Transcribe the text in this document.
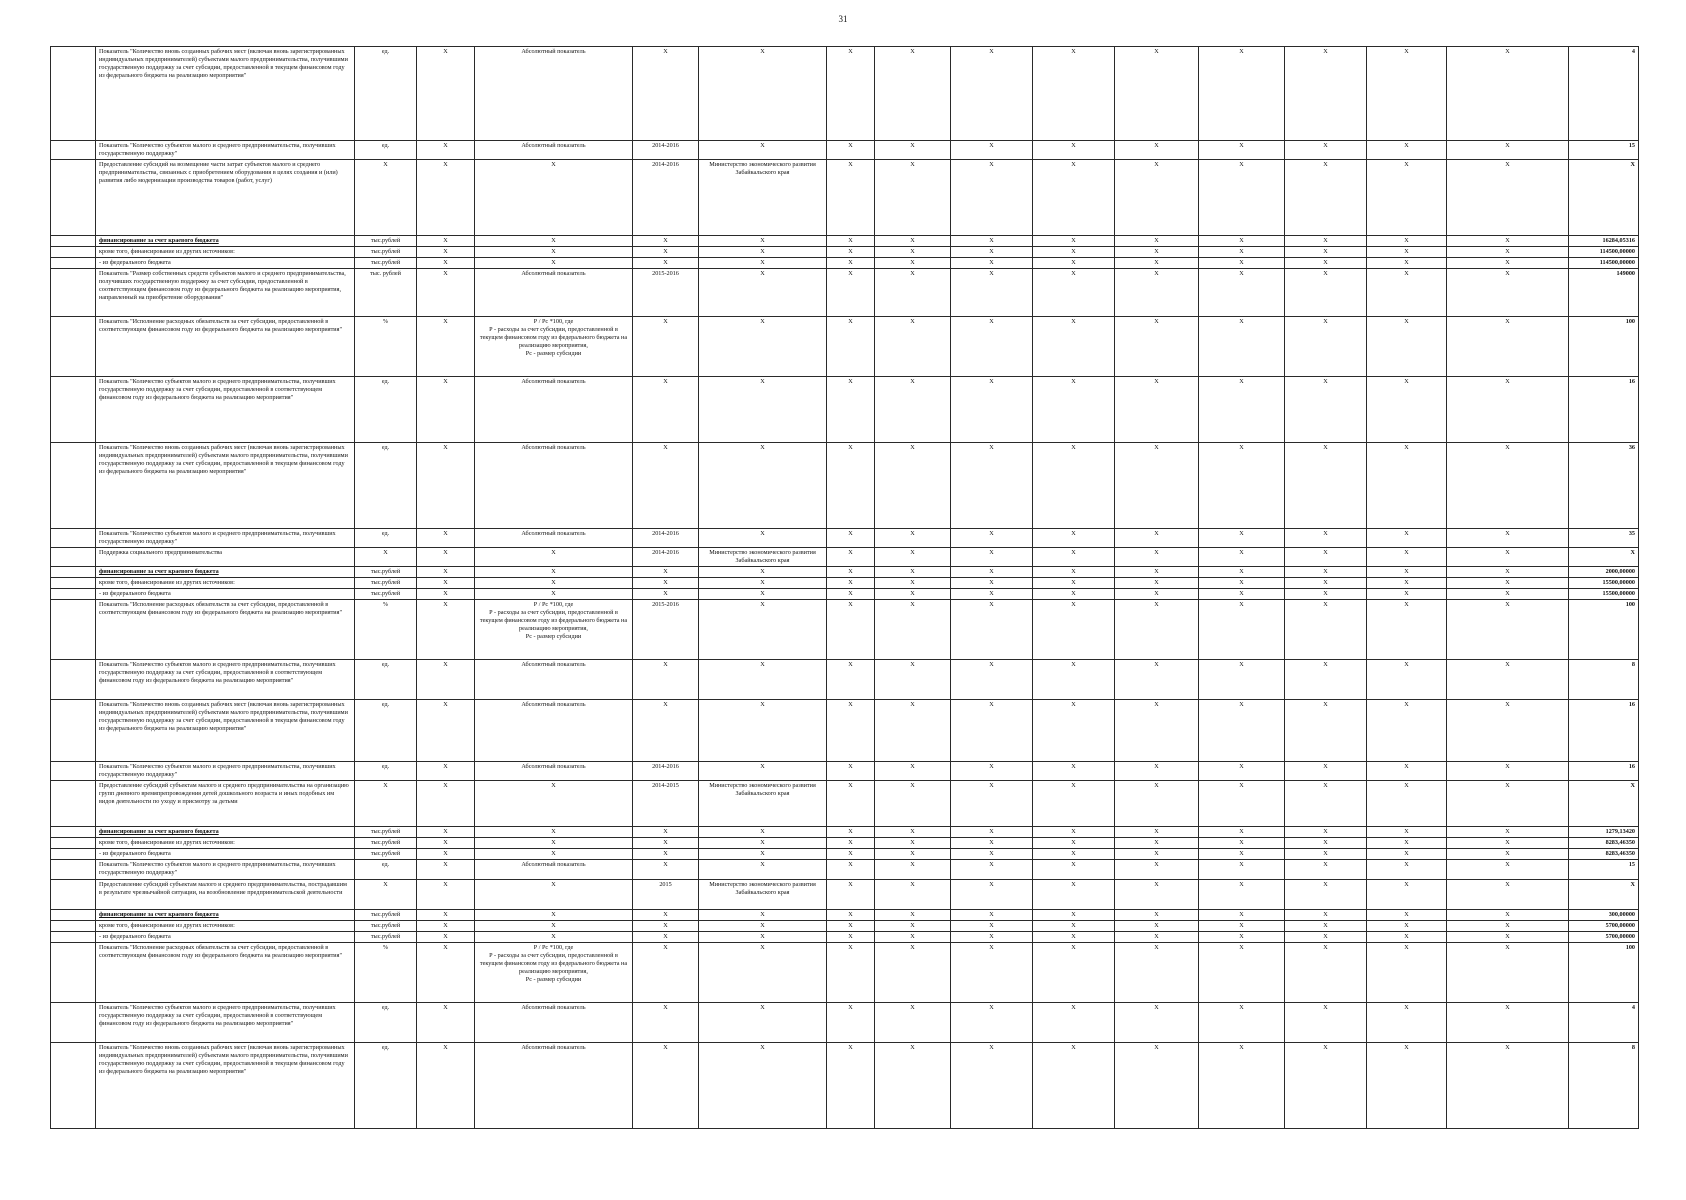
31
	Показатель "Количество вновь созданных рабочих мест (включая вновь зарегистрированных индивидуальных предпринимателей) субъектами малого предпринимательства, получившими государственную поддержку за счет субсидии, предоставленной в текущем финансовом году из федерального бюджета на реализацию мероприятия"	ед.	X	Абсолютный показатель	X	X	X	X	X	X	X	X	X	X	X	4
	Показатель "Количество субъектов малого и среднего предпринимательства, получивших государственную поддержку"	ед.	X	Абсолютный показатель	2014-2016	X	X	X	X	X	X	X	X	X	X	15
	Предоставление субсидий на возмещение части затрат субъектов малого и среднего предпринимательства, связанных с приобретением оборудования в целях создания и (или) развития либо модернизации производства товаров (работ, услуг)	X	X	X	2014-2016	Министерство экономического развития Забайкальского края	X	X	X	X	X	X	X	X	X	X
	финансирование за счет краевого бюджета	тыс.рублей	X	X	X	X	X	X	X	X	X	X	X	X	X	16284,05316
	кроме того, финансирование из других источников:	тыс.рублей	X	X	X	X	X	X	X	X	X	X	X	X	X	114500,00000
	- из федерального бюджета	тыс.рублей	X	X	X	X	X	X	X	X	X	X	X	X	X	114500,00000
	Показатель "Размер собственных средств субъектов малого и среднего предпринимательства, получивших государственную поддержку за счет субсидии, предоставленной в соответствующем финансовом году из федерального бюджета на реализацию мероприятия, направленный на приобретение оборудования"	тыс. рублей	X	Абсолютный показатель	2015-2016	X	X	X	X	X	X	X	X	X	X	149000
	Показатель "Исполнение расходных обязательств за счет субсидии, предоставленной в соответствующем финансовом году из федерального бюджета на реализацию мероприятия"	%	X	Р / Рс *100, где
Р - расходы за счет субсидии, предоставленной в текущем финансовом году из федерального бюджета на реализацию мероприятия,
Рс - размер субсидии	X	X	X	X	X	X	X	X	X	X	X	100
	Показатель "Количество субъектов малого и среднего предпринимательства, получивших государственную поддержку за счет субсидии, предоставленной в соответствующем финансовом году из федерального бюджета на реализацию мероприятия"	ед.	X	Абсолютный показатель	X	X	X	X	X	X	X	X	X	X	X	16
	Показатель "Количество вновь созданных рабочих мест (включая вновь зарегистрированных индивидуальных предпринимателей) субъектами малого предпринимательства, получившими государственную поддержку за счет субсидии, предоставленной в текущем финансовом году из федерального бюджета на реализацию мероприятия"	ед.	X	Абсолютный показатель	X	X	X	X	X	X	X	X	X	X	X	36
	Показатель "Количество субъектов малого и среднего предпринимательства, получивших государственную поддержку"	ед.	X	Абсолютный показатель	2014-2016	X	X	X	X	X	X	X	X	X	X	35
	Поддержка социального предпринимательства	X	X	X	2014-2016	Министерство экономического развития Забайкальского края	X	X	X	X	X	X	X	X	X	X
	финансирование за счет краевого бюджета	тыс.рублей	X	X	X	X	X	X	X	X	X	X	X	X	X	2000,00000
	кроме того, финансирование из других источников:	тыс.рублей	X	X	X	X	X	X	X	X	X	X	X	X	X	15500,00000
	- из федерального бюджета	тыс.рублей	X	X	X	X	X	X	X	X	X	X	X	X	X	15500,00000
	Показатель "Исполнение расходных обязательств за счет субсидии, предоставленной в соответствующем финансовом году из федерального бюджета на реализацию мероприятия"	%	X	Р / Рс *100, где
Р - расходы за счет субсидии, предоставленной в текущем финансовом году из федерального бюджета на реализацию мероприятия,
Рс - размер субсидии	2015-2016	X	X	X	X	X	X	X	X	X	X	100
	Показатель "Количество субъектов малого и среднего предпринимательства, получивших государственную поддержку за счет субсидии, предоставленной в соответствующем финансовом году из федерального бюджета на реализацию мероприятия"	ед.	X	Абсолютный показатель	X	X	X	X	X	X	X	X	X	X	X	8
	Показатель "Количество вновь созданных рабочих мест (включая вновь зарегистрированных индивидуальных предпринимателей) субъектами малого предпринимательства, получившими государственную поддержку за счет субсидии, предоставленной в текущем финансовом году из федерального бюджета на реализацию мероприятия"	ед.	X	Абсолютный показатель	X	X	X	X	X	X	X	X	X	X	X	16
	Показатель "Количество субъектов малого и среднего предпринимательства, получивших государственную поддержку"	ед.	X	Абсолютный показатель	2014-2016	X	X	X	X	X	X	X	X	X	X	16
	Предоставление субсидий субъектам малого и среднего предпринимательства на организацию групп дневного времяпрепровождения детей дошкольного возраста и иных подобных им видов деятельности по уходу и присмотру за детьми	X	X	X	2014-2015	Министерство экономического развития Забайкальского края	X	X	X	X	X	X	X	X	X	X
	финансирование за счет краевого бюджета	тыс.рублей	X	X	X	X	X	X	X	X	X	X	X	X	X	1279,13420
	кроме того, финансирование из других источников:	тыс.рублей	X	X	X	X	X	X	X	X	X	X	X	X	X	8283,46350
	- из федерального бюджета	тыс.рублей	X	X	X	X	X	X	X	X	X	X	X	X	X	8283,46350
	Показатель "Количество субъектов малого и среднего предпринимательства, получивших государственную поддержку"	ед.	X	Абсолютный показатель	X	X	X	X	X	X	X	X	X	X	X	15
	Предоставление субсидий субъектам малого и среднего предпринимательства, пострадавшим в результате чрезвычайной ситуации, на возобновление предпринимательской деятельности	X	X	X	2015	Министерство экономического развития Забайкальского края	X	X	X	X	X	X	X	X	X	X
	финансирование за счет краевого бюджета	тыс.рублей	X	X	X	X	X	X	X	X	X	X	X	X	X	300,00000
	кроме того, финансирование из других источников:	тыс.рублей	X	X	X	X	X	X	X	X	X	X	X	X	X	5700,00000
	- из федерального бюджета	тыс.рублей	X	X	X	X	X	X	X	X	X	X	X	X	X	5700,00000
	Показатель "Исполнение расходных обязательств за счет субсидии, предоставленной в соответствующем финансовом году из федерального бюджета на реализацию мероприятия"	%	X	Р / Рс *100, где
Р - расходы за счет субсидии, предоставленной в текущем финансовом году из федерального бюджета на реализацию мероприятия,
Рс - размер субсидии	X	X	X	X	X	X	X	X	X	X	X	100
	Показатель "Количество субъектов малого и среднего предпринимательства, получивших государственную поддержку за счет субсидии, предоставленной в соответствующем финансовом году из федерального бюджета на реализацию мероприятия"	ед.	X	Абсолютный показатель	X	X	X	X	X	X	X	X	X	X	X	4
	Показатель "Количество вновь созданных рабочих мест (включая вновь зарегистрированных индивидуальных предпринимателей) субъектами малого предпринимательства, получившими государственную поддержку за счет субсидии, предоставленной в текущем финансовом году из федерального бюджета на реализацию мероприятия"	ед.	X	Абсолютный показатель	X	X	X	X	X	X	X	X	X	X	X	8
